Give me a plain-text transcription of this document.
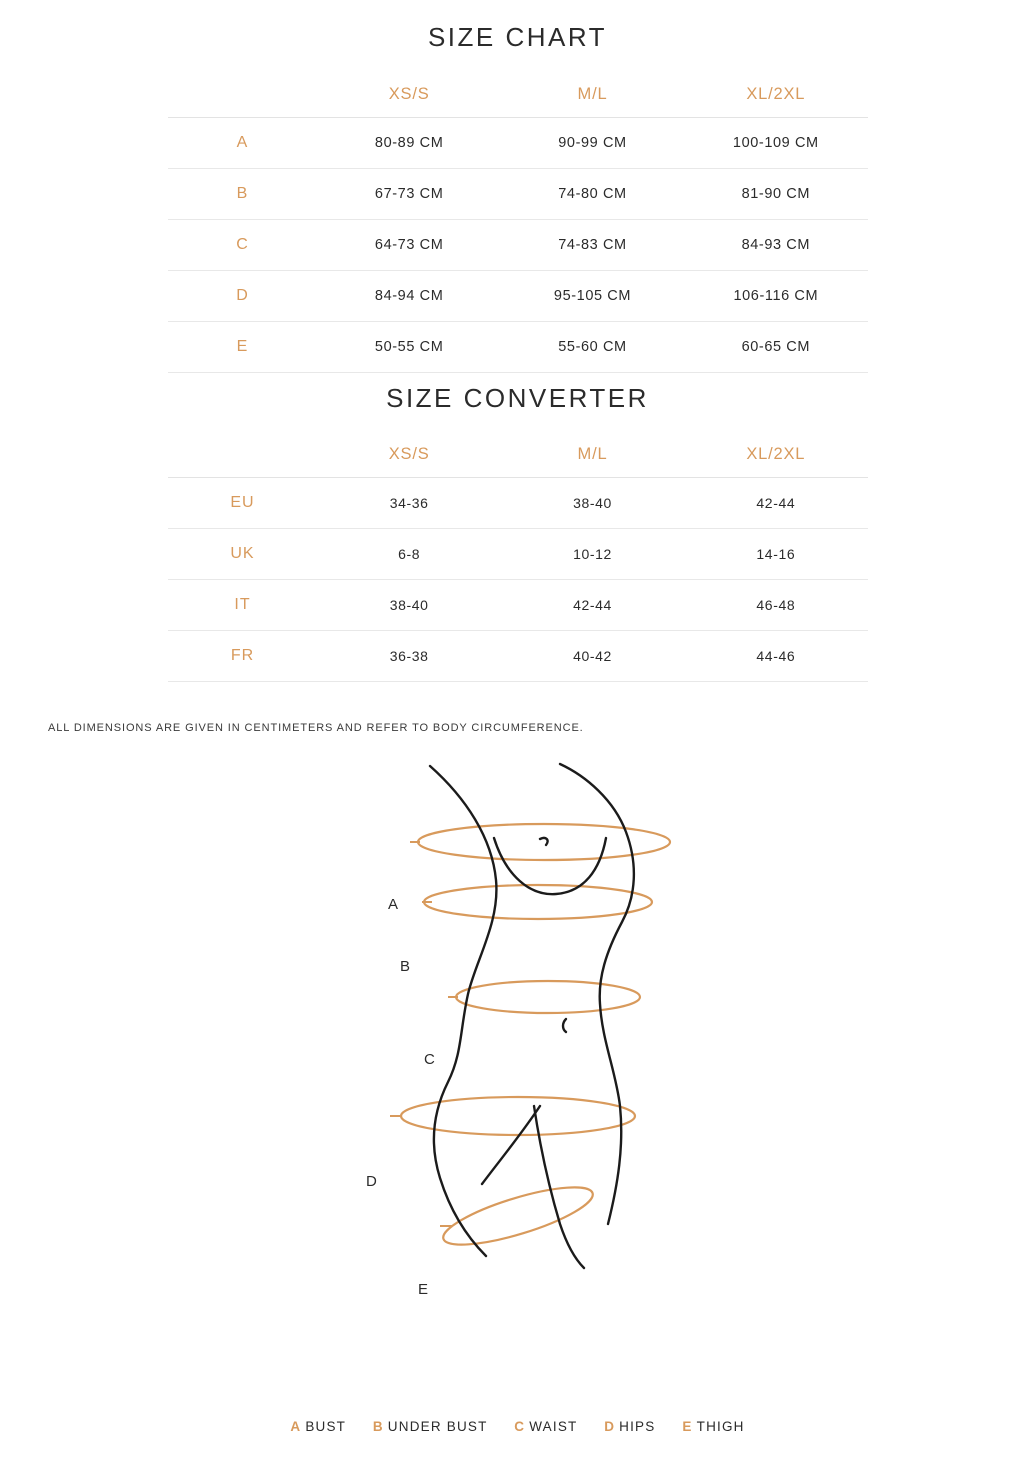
SIZE CHART
	XS/S	M/L	XL/2XL
A	80-89 CM	90-99 CM	100-109 CM
B	67-73 CM	74-80 CM	81-90 CM
C	64-73 CM	74-83 CM	84-93 CM
D	84-94 CM	95-105 CM	106-116 CM
E	50-55 CM	55-60 CM	60-65 CM
SIZE CONVERTER
	XS/S	M/L	XL/2XL
EU	34-36	38-40	42-44
UK	6-8	10-12	14-16
IT	38-40	42-44	46-48
FR	36-38	40-42	44-46

ALL DIMENSIONS ARE GIVEN IN CENTIMETERS AND REFER TO BODY CIRCUMFERENCE.

A
B
C
D
E
A BUST B UNDER BUST C WAIST D HIPS E THIGH
